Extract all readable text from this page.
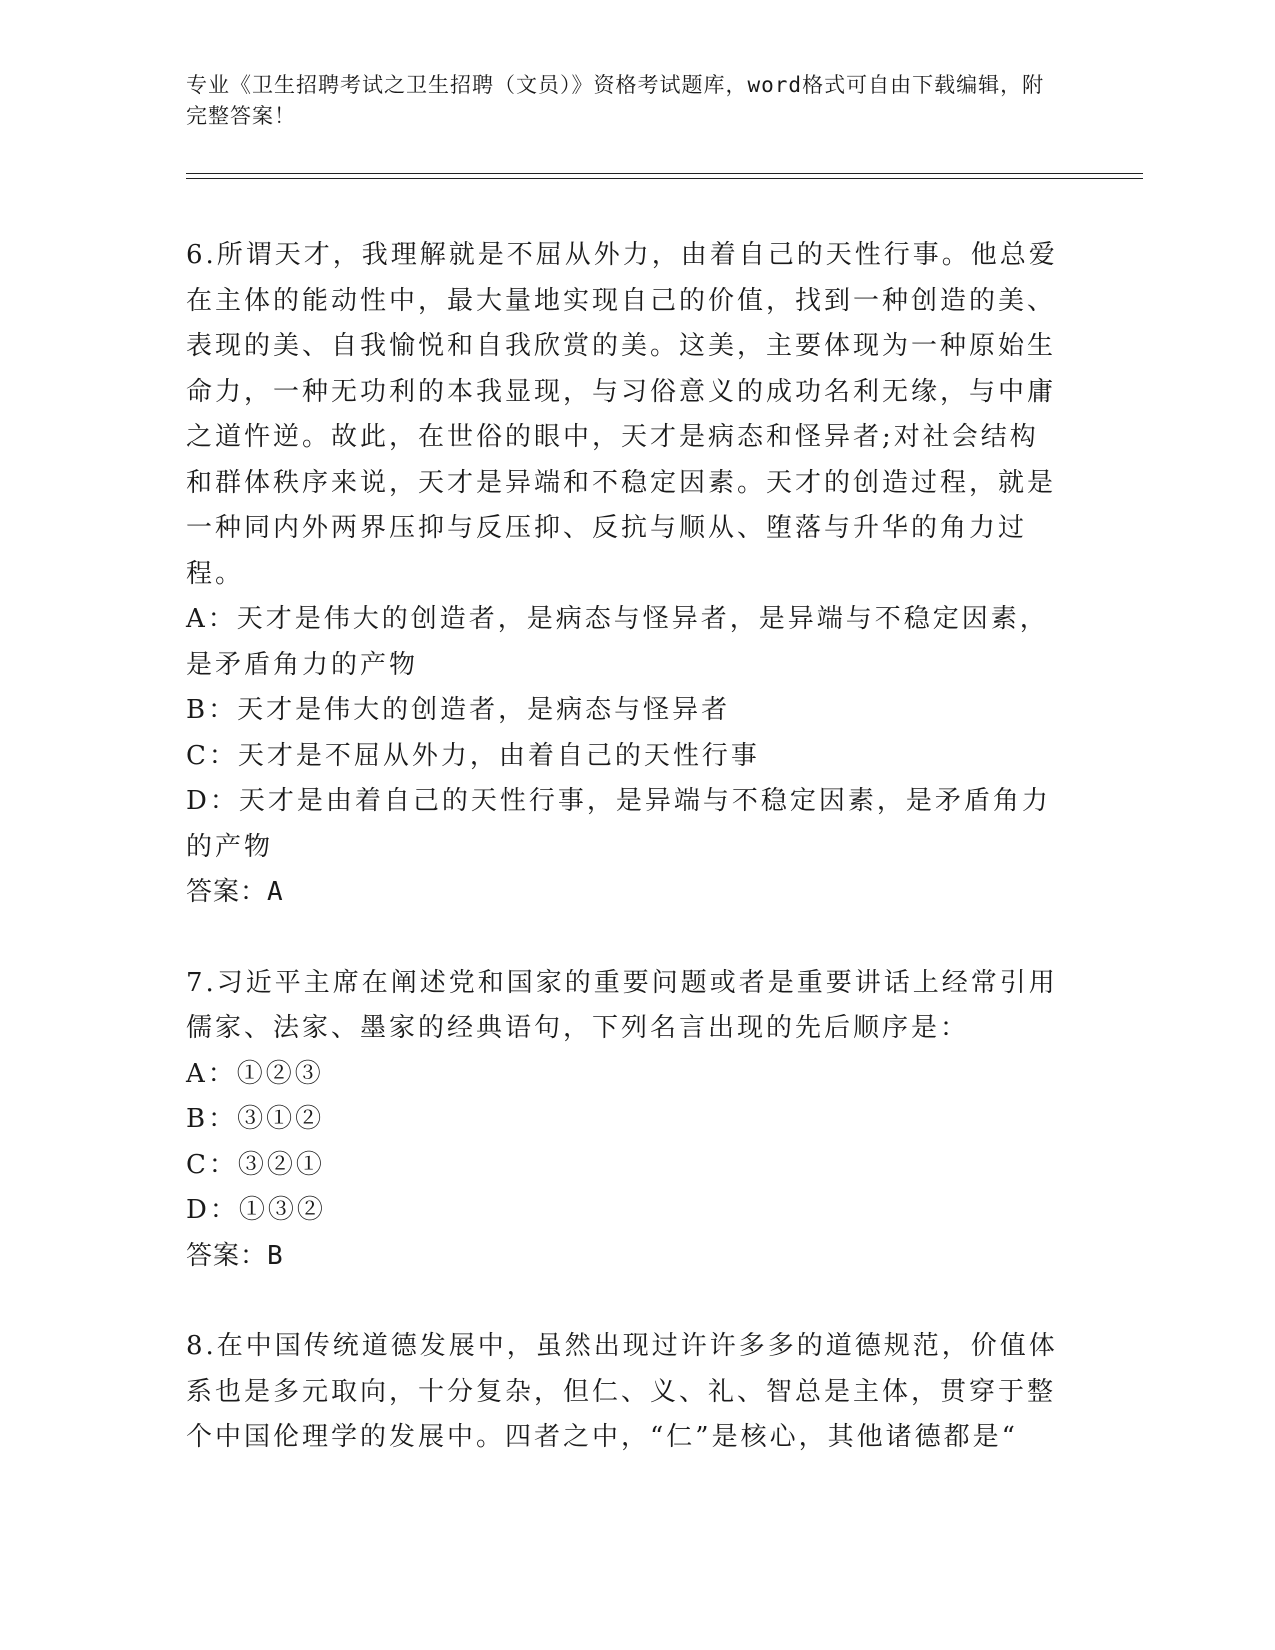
专业《卫生招聘考试之卫生招聘（文员）》资格考试题库，word格式可自由下载编辑，附完整答案！

6.所谓天才，我理解就是不屈从外力，由着自己的天性行事。他总爱在主体的能动性中，最大量地实现自己的价值，找到一种创造的美、表现的美、自我愉悦和自我欣赏的美。这美，主要体现为一种原始生命力，一种无功利的本我显现，与习俗意义的成功名利无缘，与中庸之道忤逆。故此，在世俗的眼中，天才是病态和怪异者;对社会结构和群体秩序来说，天才是异端和不稳定因素。天才的创造过程，就是一种同内外两界压抑与反压抑、反抗与顺从、堕落与升华的角力过程。

A：天才是伟大的创造者，是病态与怪异者，是异端与不稳定因素，是矛盾角力的产物

B：天才是伟大的创造者，是病态与怪异者

C：天才是不屈从外力，由着自己的天性行事

D：天才是由着自己的天性行事，是异端与不稳定因素，是矛盾角力的产物

答案：A

7.习近平主席在阐述党和国家的重要问题或者是重要讲话上经常引用儒家、法家、墨家的经典语句，下列名言出现的先后顺序是：

A：①②③

B：③①②

C：③②①

D：①③②

答案：B

8.在中国传统道德发展中，虽然出现过许许多多的道德规范，价值体系也是多元取向，十分复杂，但仁、义、礼、智总是主体，贯穿于整个中国伦理学的发展中。四者之中，“仁”是核心，其他诸德都是“
